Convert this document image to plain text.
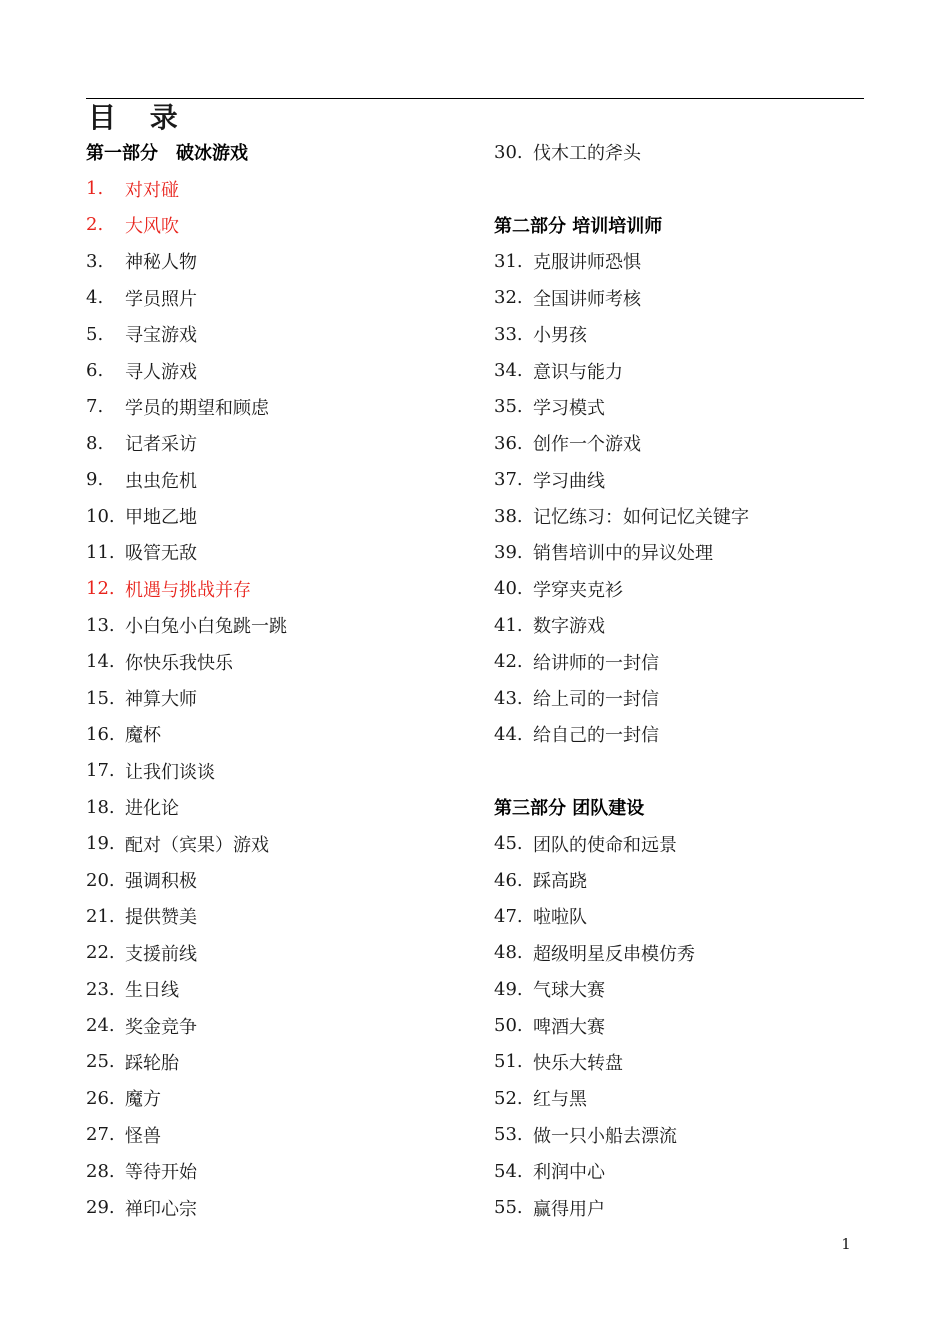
目 录
第一部分　破冰游戏
1.	对对碰
2.	大风吹
3.	神秘人物
4.	学员照片
5.	寻宝游戏
6.	寻人游戏
7.	学员的期望和顾虑
8.	记者采访
9.	虫虫危机
10. 甲地乙地
11. 吸管无敌
12. 机遇与挑战并存
13. 小白兔小白兔跳一跳
14. 你快乐我快乐
15. 神算大师
16. 魔杯
17. 让我们谈谈
18. 进化论
19. 配对（宾果）游戏
20. 强调积极
21. 提供赞美
22. 支援前线
23. 生日线
24. 奖金竞争
25. 踩轮胎
26. 魔方
27. 怪兽
28. 等待开始
29. 禅印心宗
30. 伐木工的斧头
第二部分 培训培训师
31. 克服讲师恐惧
32. 全国讲师考核
33. 小男孩
34. 意识与能力
35. 学习模式
36. 创作一个游戏
37. 学习曲线
38. 记忆练习：如何记忆关键字
39. 销售培训中的异议处理
40. 学穿夹克衫
41. 数字游戏
42. 给讲师的一封信
43. 给上司的一封信
44. 给自己的一封信
第三部分 团队建设
45. 团队的使命和远景
46. 踩高跷
47. 啦啦队
48. 超级明星反串模仿秀
49. 气球大赛
50. 啤酒大赛
51. 快乐大转盘
52. 红与黑
53. 做一只小船去漂流
54. 利润中心
55. 赢得用户
1
